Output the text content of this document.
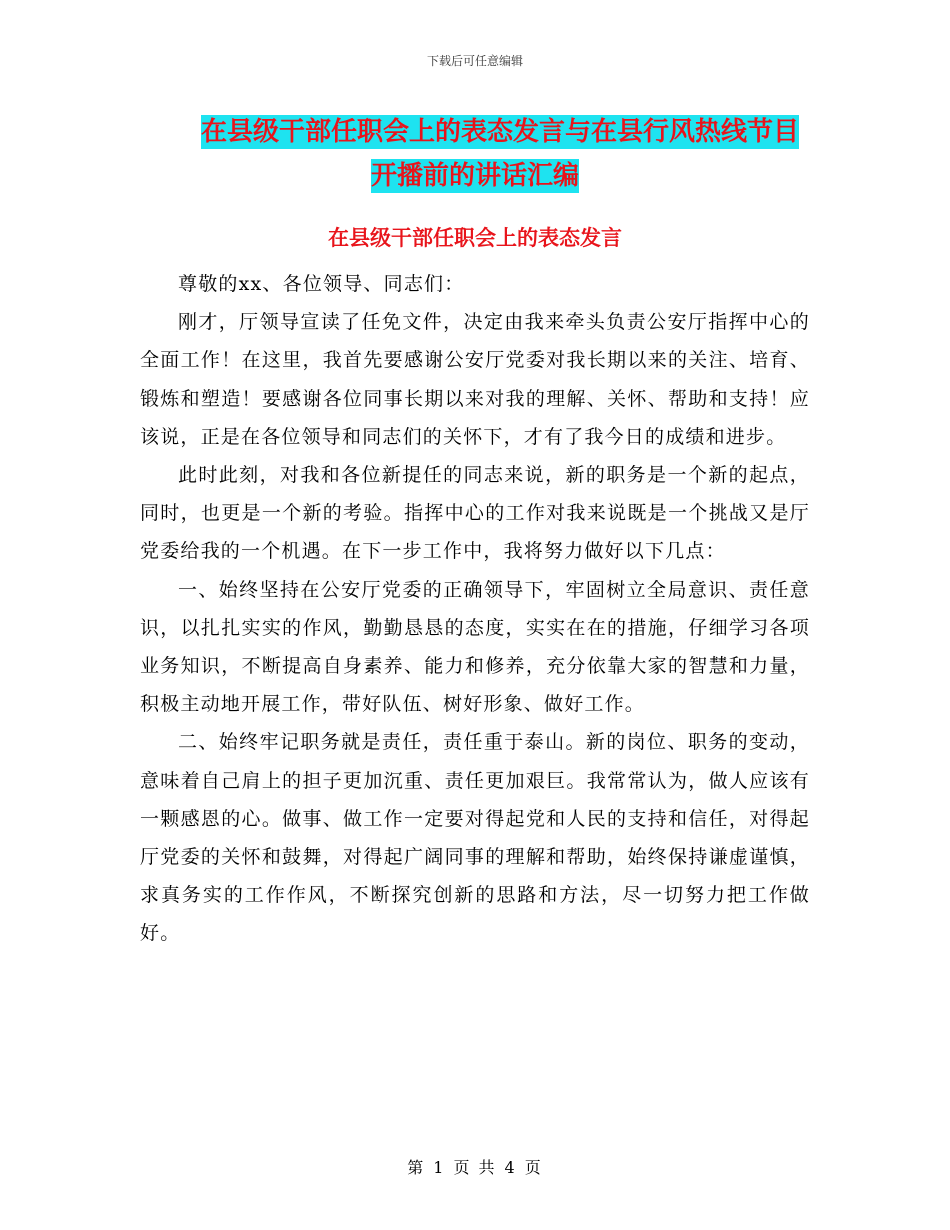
下载后可任意编辑
在县级干部任职会上的表态发言与在县行风热线节目
开播前的讲话汇编
在县级干部任职会上的表态发言

尊敬的xx、各位领导、同志们：

刚才，厅领导宣读了任免文件，决定由我来牵头负责公安厅指挥中心的全面工作！在这里，我首先要感谢公安厅党委对我长期以来的关注、培育、锻炼和塑造！要感谢各位同事长期以来对我的理解、关怀、帮助和支持！应该说，正是在各位领导和同志们的关怀下，才有了我今日的成绩和进步。

此时此刻，对我和各位新提任的同志来说，新的职务是一个新的起点，同时，也更是一个新的考验。指挥中心的工作对我来说既是一个挑战又是厅党委给我的一个机遇。在下一步工作中，我将努力做好以下几点：

一、始终坚持在公安厅党委的正确领导下，牢固树立全局意识、责任意识，以扎扎实实的作风，勤勤恳恳的态度，实实在在的措施，仔细学习各项业务知识，不断提高自身素养、能力和修养，充分依靠大家的智慧和力量，积极主动地开展工作，带好队伍、树好形象、做好工作。

二、始终牢记职务就是责任，责任重于泰山。新的岗位、职务的变动，意味着自己肩上的担子更加沉重、责任更加艰巨。我常常认为，做人应该有一颗感恩的心。做事、做工作一定要对得起党和人民的支持和信任，对得起厅党委的关怀和鼓舞，对得起广阔同事的理解和帮助，始终保持谦虚谨慎，求真务实的工作作风，不断探究创新的思路和方法，尽一切努力把工作做好。

第 1 页 共 4 页
